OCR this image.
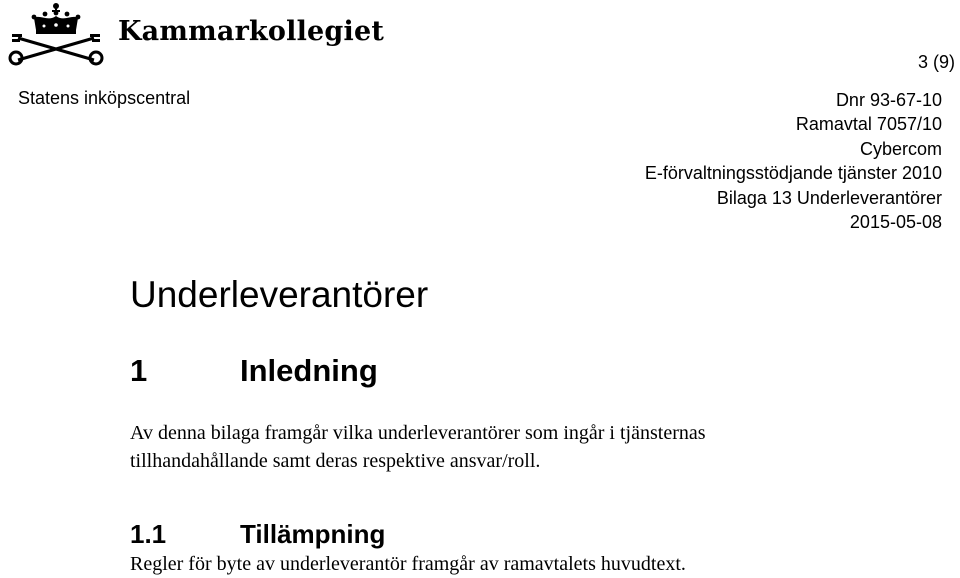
Kammarkollegiet
3 (9)
Statens inköpscentral	Dnr 93-67-10
Ramavtal 7057/10
Cybercom
E-förvaltningsstödjande tjänster 2010
Bilaga 13 Underleverantörer
2015-05-08
Underleverantörer
1	Inledning
Av denna bilaga framgår vilka underleverantörer som ingår i tjänsternas
tillhandahållande samt deras respektive ansvar/roll.
1.1	Tillämpning
Regler för byte av underleverantör framgår av ramavtalets huvudtext.
